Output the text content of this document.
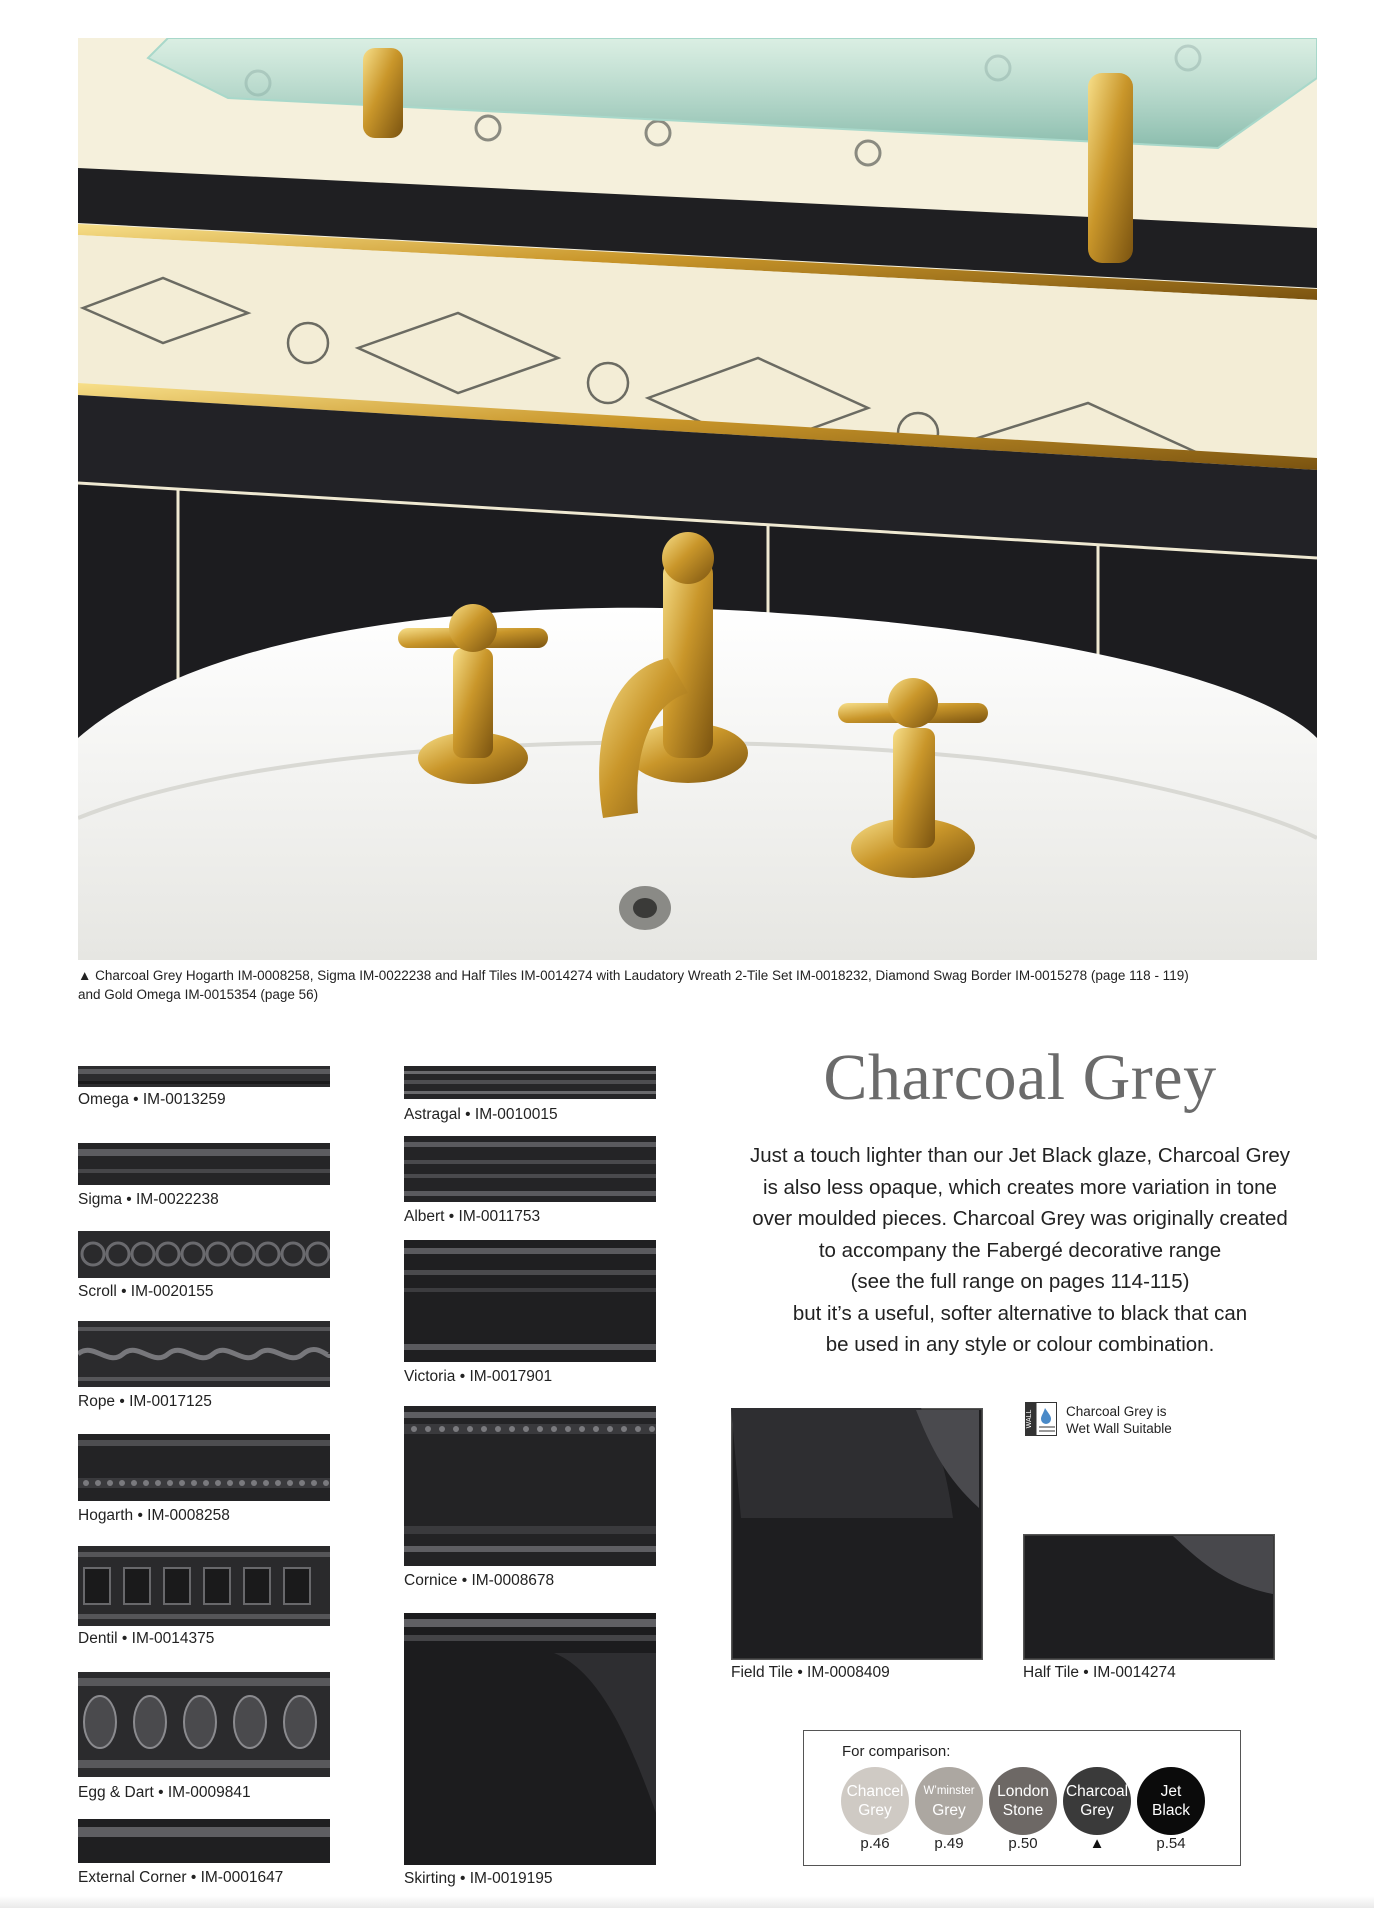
▲ Charcoal Grey Hogarth IM-0008258, Sigma IM-0022238 and Half Tiles IM-0014274 with Laudatory Wreath 2-Tile Set IM-0018232, Diamond Swag Border IM-0015278 (page 118 - 119)
and Gold Omega IM-0015354 (page 56)
Omega • IM-0013259
Sigma • IM-0022238
Scroll • IM-0020155
Rope • IM-0017125
Hogarth • IM-0008258
Dentil • IM-0014375
Egg & Dart • IM-0009841
External Corner • IM-0001647
Astragal • IM-0010015
Albert • IM-0011753
Victoria • IM-0017901
Cornice • IM-0008678
Skirting • IM-0019195
Charcoal Grey
Just a touch lighter than our Jet Black glaze, Charcoal Grey
is also less opaque, which creates more variation in tone
over moulded pieces. Charcoal Grey was originally created
to accompany the Fabergé decorative range
(see the full range on pages 114-115)
but it’s a useful, softer alternative to black that can
be used in any style or colour combination.
WALL Charcoal Grey is
Wet Wall Suitable
Field Tile • IM-0008409	Half Tile • IM-0014274
For comparison:
Chancel
Grey
p.46
W’minster
Grey
p.49
London
Stone
p.50
Charcoal
Grey
▲
Jet
Black
p.54
